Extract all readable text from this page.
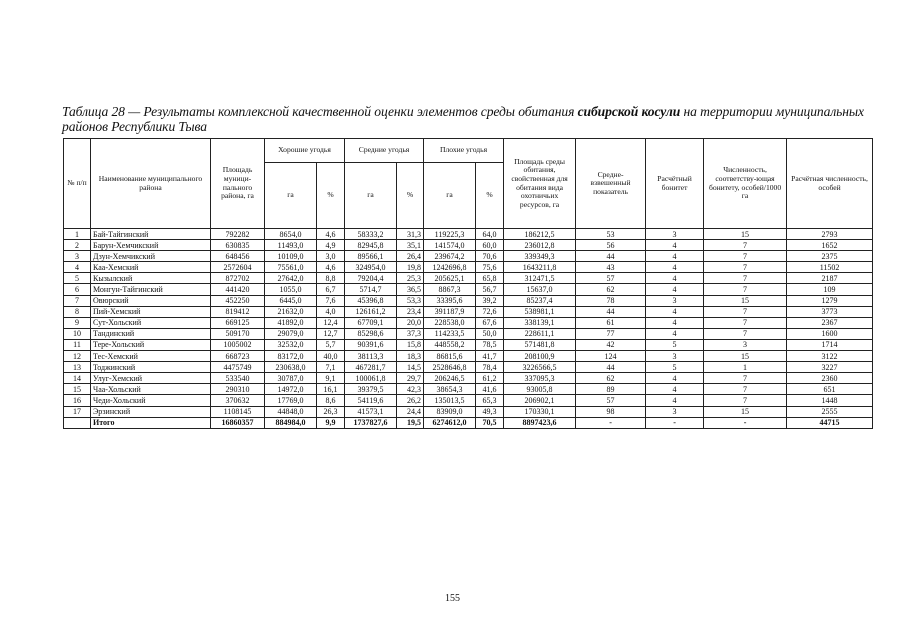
Таблица 28 — Результаты комплексной качественной оценки элементов среды обитания сибирской косули на территории муниципальных районов Республики Тыва
№ п/п	Наименование муниципального района	Площадь муници-пального района, га	Хорошие угодья		Средние угодья		Плохие угодья		Площадь среды обитания, свойственная для обитания вида охотничьих ресурсов, га	Средне-взвешенный показатель	Расчётный бонитет	Численность, соответству-ющая бонитету, особей/1000 га	Расчётная численность, особей
			га	%	га	%	га	%					
1	Бай-Тайгинский	792282	8654,0	4,6	58333,2	31,3	119225,3	64,0	186212,5	53	3	15	2793
2	Барун-Хемчикский	630835	11493,0	4,9	82945,8	35,1	141574,0	60,0	236012,8	56	4	7	1652
3	Дзун-Хемчикский	648456	10109,0	3,0	89566,1	26,4	239674,2	70,6	339349,3	44	4	7	2375
4	Каа-Хемский	2572604	75561,0	4,6	324954,0	19,8	1242696,8	75,6	1643211,8	43	4	7	11502
5	Кызылский	872702	27642,0	8,8	79204,4	25,3	205625,1	65,8	312471,5	57	4	7	2187
6	Монгун-Тайгинский	441420	1055,0	6,7	5714,7	36,5	8867,3	56,7	15637,0	62	4	7	109
7	Овюрский	452250	6445,0	7,6	45396,8	53,3	33395,6	39,2	85237,4	78	3	15	1279
8	Пий-Хемский	819412	21632,0	4,0	126161,2	23,4	391187,9	72,6	538981,1	44	4	7	3773
9	Сут-Хольский	669125	41892,0	12,4	67709,1	20,0	228538,0	67,6	338139,1	61	4	7	2367
10	Тандинский	509170	29079,0	12,7	85298,6	37,3	114233,5	50,0	228611,1	77	4	7	1600
11	Тере-Хольский	1005002	32532,0	5,7	90391,6	15,8	448558,2	78,5	571481,8	42	5	3	1714
12	Тес-Хемский	668723	83172,0	40,0	38113,3	18,3	86815,6	41,7	208100,9	124	3	15	3122
13	Тоджинский	4475749	230638,0	7,1	467281,7	14,5	2528646,8	78,4	3226566,5	44	5	1	3227
14	Улуг-Хемский	533540	30787,0	9,1	100061,8	29,7	206246,5	61,2	337095,3	62	4	7	2360
15	Чаа-Хольский	290310	14972,0	16,1	39379,5	42,3	38654,3	41,6	93005,8	89	4	7	651
16	Чеди-Хольский	370632	17769,0	8,6	54119,6	26,2	135013,5	65,3	206902,1	57	4	7	1448
17	Эрзинский	1108145	44848,0	26,3	41573,1	24,4	83909,0	49,3	170330,1	98	3	15	2555
	Итого	16860357	884984,0	9,9	1737827,6	19,5	6274612,0	70,5	8897423,6	-	-	-	44715
155
